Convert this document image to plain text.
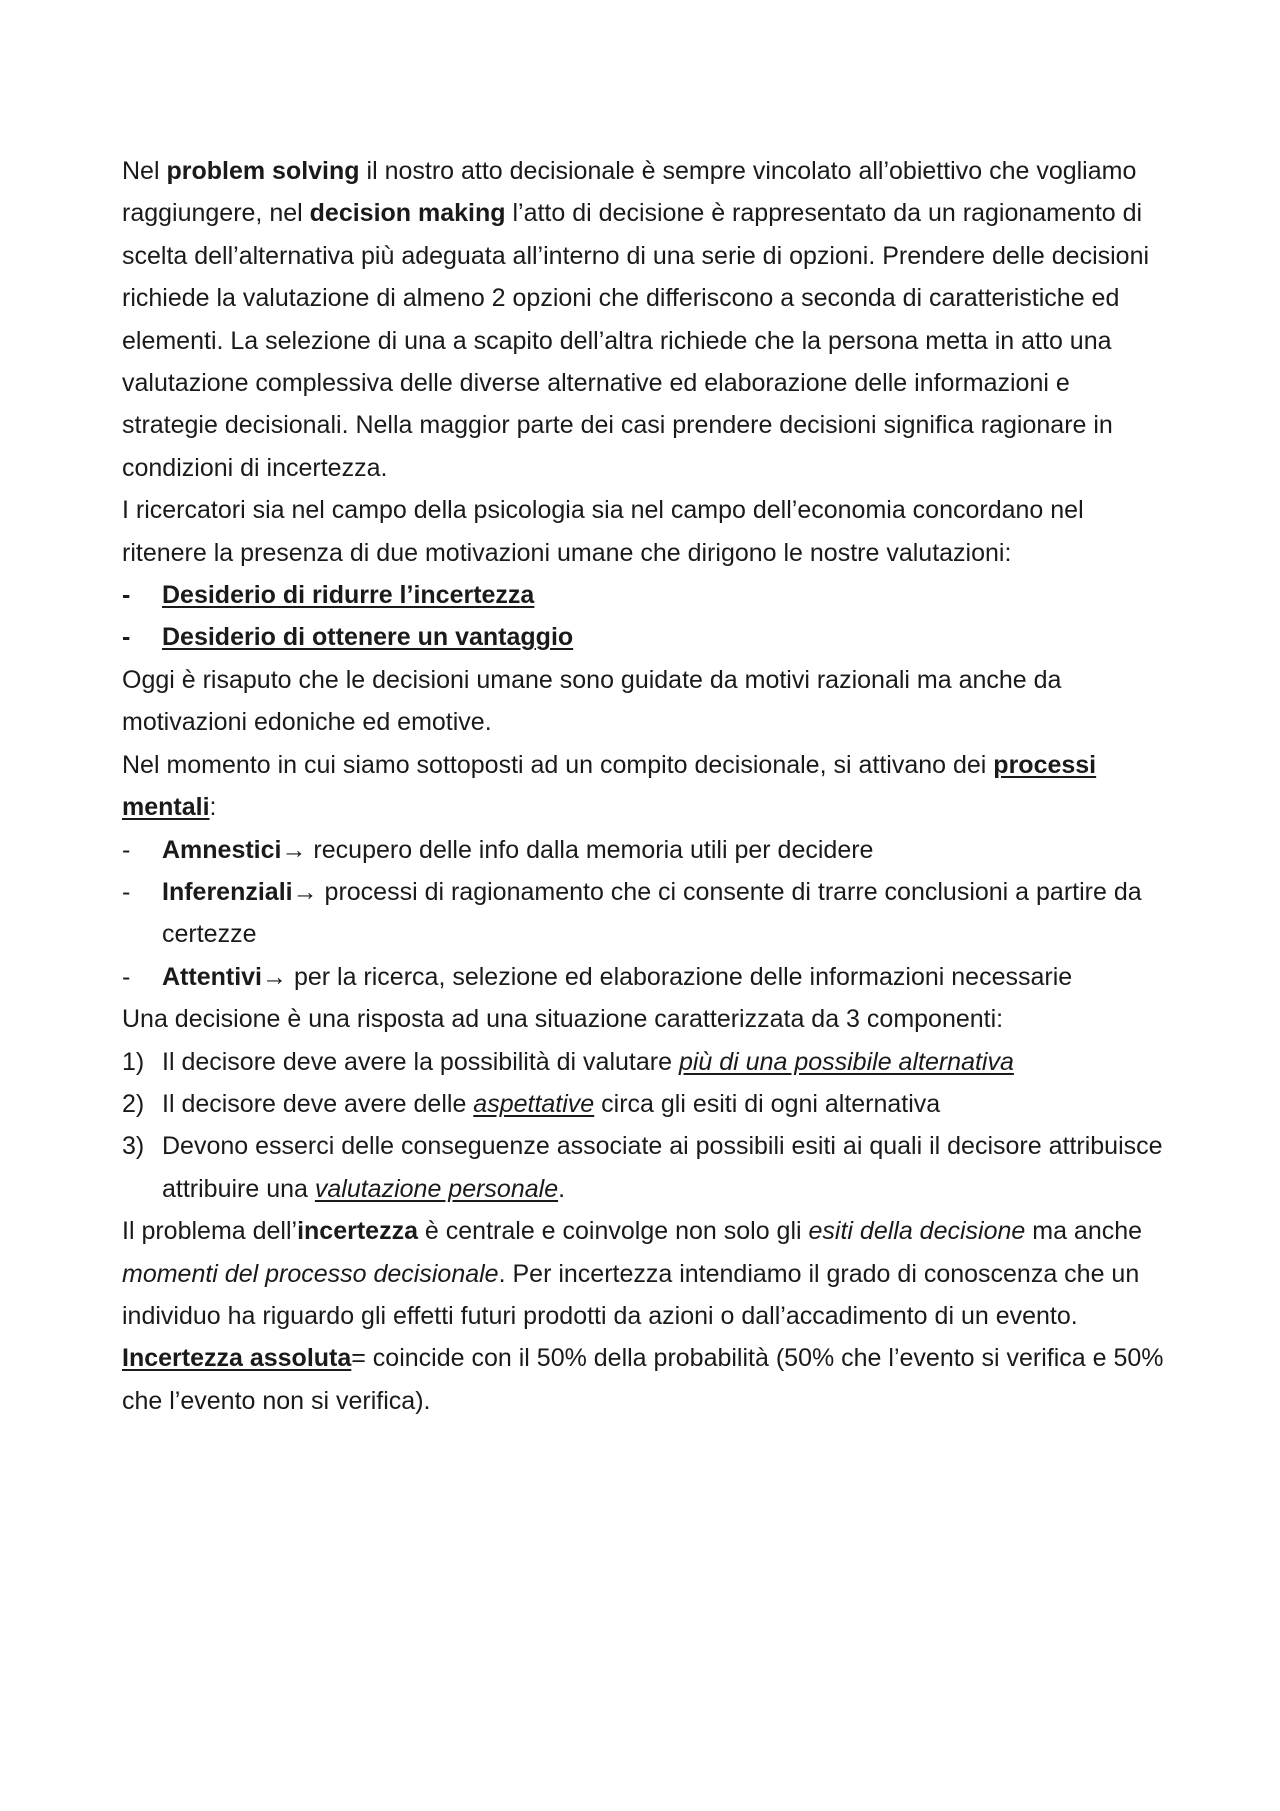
Nel problem solving il nostro atto decisionale è sempre vincolato all’obiettivo che vogliamo raggiungere, nel decision making l’atto di decisione è rappresentato da un ragionamento di scelta dell’alternativa più adeguata all’interno di una serie di opzioni. Prendere delle decisioni richiede la valutazione di almeno 2 opzioni che differiscono a seconda di caratteristiche ed elementi. La selezione di una a scapito dell’altra richiede che la persona metta in atto una valutazione complessiva delle diverse alternative ed elaborazione delle informazioni e strategie decisionali. Nella maggior parte dei casi prendere decisioni significa ragionare in condizioni di incertezza.

I ricercatori sia nel campo della psicologia sia nel campo dell’economia concordano nel ritenere la presenza di due motivazioni umane che dirigono le nostre valutazioni:

- Desiderio di ridurre l’incertezza
- Desiderio di ottenere un vantaggio

Oggi è risaputo che le decisioni umane sono guidate da motivi razionali ma anche da motivazioni edoniche ed emotive.

Nel momento in cui siamo sottoposti ad un compito decisionale, si attivano dei processi mentali:

- Amnestici→ recupero delle info dalla memoria utili per decidere
- Inferenziali→ processi di ragionamento che ci consente di trarre conclusioni a partire da certezze
- Attentivi→ per la ricerca, selezione ed elaborazione delle informazioni necessarie

Una decisione è una risposta ad una situazione caratterizzata da 3 componenti:

1) Il decisore deve avere la possibilità di valutare più di una possibile alternativa
2) Il decisore deve avere delle aspettative circa gli esiti di ogni alternativa
3) Devono esserci delle conseguenze associate ai possibili esiti ai quali il decisore attribuisce attribuire una valutazione personale.

Il problema dell’incertezza è centrale e coinvolge non solo gli esiti della decisione ma anche momenti del processo decisionale. Per incertezza intendiamo il grado di conoscenza che un individuo ha riguardo gli effetti futuri prodotti da azioni o dall’accadimento di un evento.

Incertezza assoluta= coincide con il 50% della probabilità (50% che l’evento si verifica e 50% che l’evento non si verifica).
